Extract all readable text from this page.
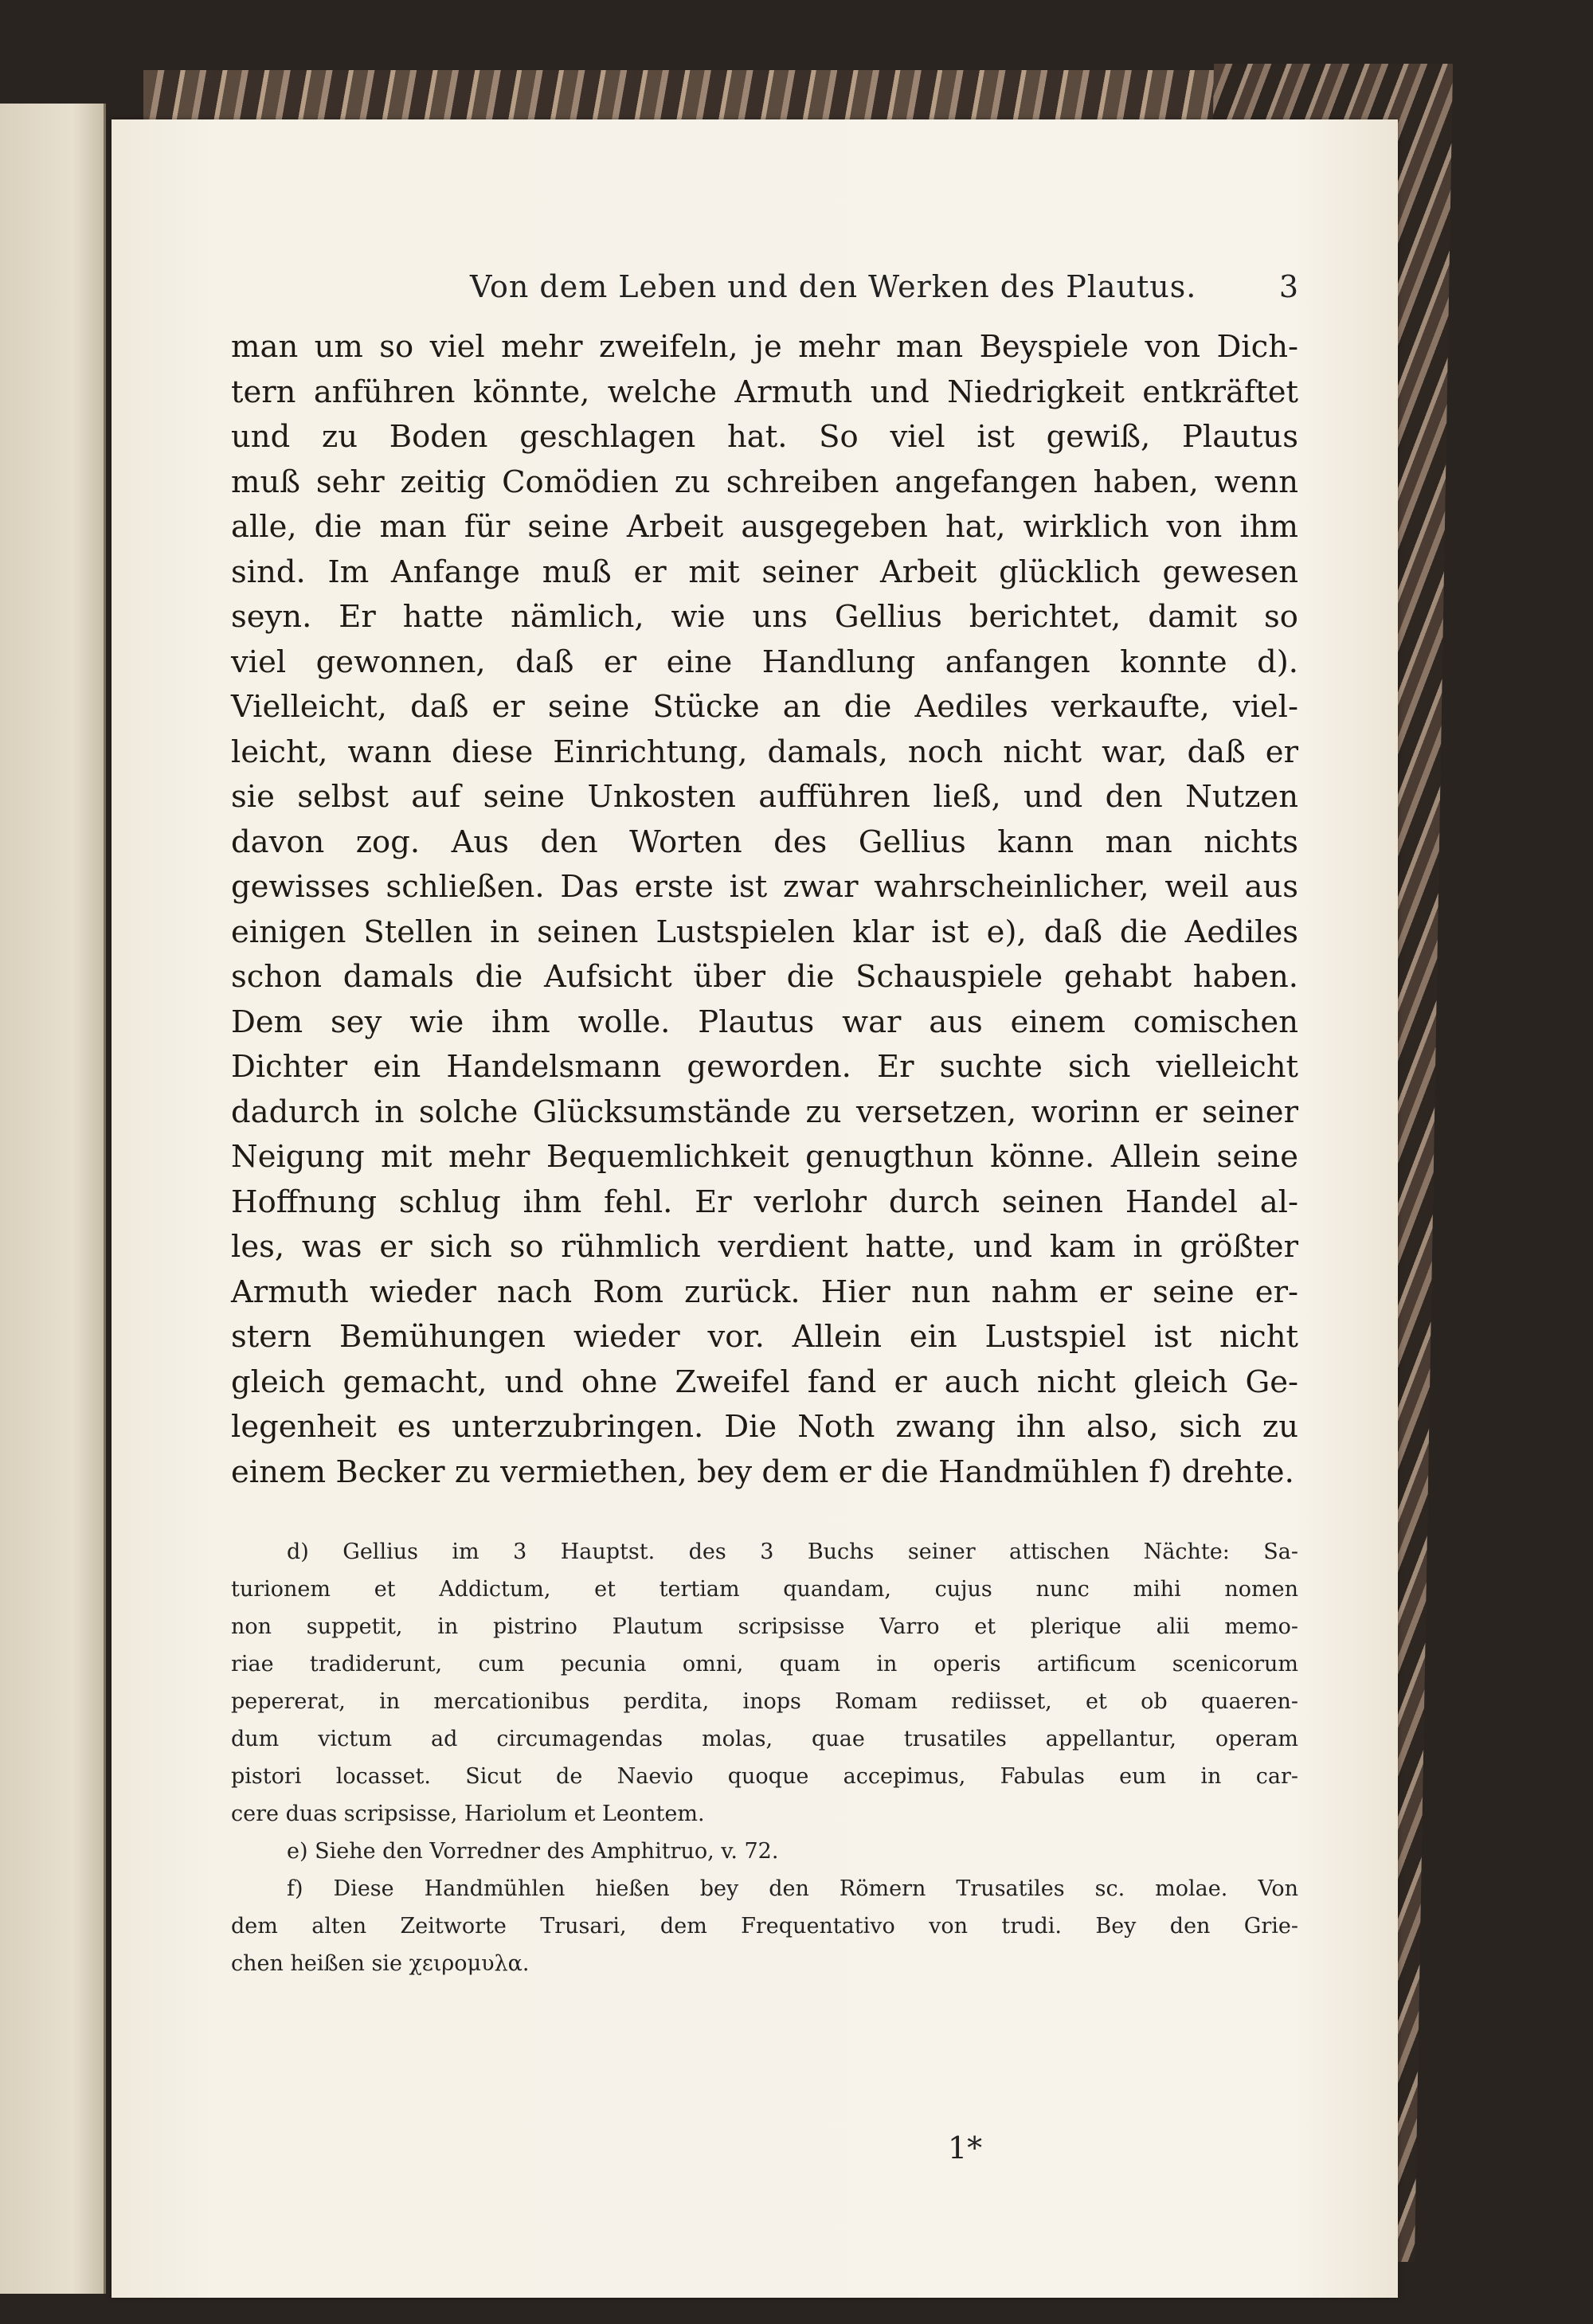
Von dem Leben und den Werken des Plautus.	3
man um so viel mehr zweifeln, je mehr man Beyspiele von Dich-
tern anführen könnte, welche Armuth und Niedrigkeit entkräftet
und zu Boden geschlagen hat. So viel ist gewiß, Plautus
muß sehr zeitig Comödien zu schreiben angefangen haben, wenn
alle, die man für seine Arbeit ausgegeben hat, wirklich von ihm
sind. Im Anfange muß er mit seiner Arbeit glücklich gewesen
seyn. Er hatte nämlich, wie uns Gellius berichtet, damit so
viel gewonnen, daß er eine Handlung anfangen konnte d).
Vielleicht, daß er seine Stücke an die Aediles verkaufte, viel-
leicht, wann diese Einrichtung, damals, noch nicht war, daß er
sie selbst auf seine Unkosten aufführen ließ, und den Nutzen
davon zog. Aus den Worten des Gellius kann man nichts
gewisses schließen. Das erste ist zwar wahrscheinlicher, weil aus
einigen Stellen in seinen Lustspielen klar ist e), daß die Aediles
schon damals die Aufsicht über die Schauspiele gehabt haben.
Dem sey wie ihm wolle. Plautus war aus einem comischen
Dichter ein Handelsmann geworden. Er suchte sich vielleicht
dadurch in solche Glücksumstände zu versetzen, worinn er seiner
Neigung mit mehr Bequemlichkeit genugthun könne. Allein seine
Hoffnung schlug ihm fehl. Er verlohr durch seinen Handel al-
les, was er sich so rühmlich verdient hatte, und kam in größter
Armuth wieder nach Rom zurück. Hier nun nahm er seine er-
stern Bemühungen wieder vor. Allein ein Lustspiel ist nicht
gleich gemacht, und ohne Zweifel fand er auch nicht gleich Ge-
legenheit es unterzubringen. Die Noth zwang ihn also, sich zu
einem Becker zu vermiethen, bey dem er die Handmühlen f) drehte.
d) Gellius im 3 Hauptst. des 3 Buchs seiner attischen Nächte: Sa-
turionem et Addictum, et tertiam quandam, cujus nunc mihi nomen
non suppetit, in pistrino Plautum scripsisse Varro et plerique alii memo-
riae tradiderunt, cum pecunia omni, quam in operis artificum scenicorum
pepererat, in mercationibus perdita, inops Romam rediisset, et ob quaeren-
dum victum ad circumagendas molas, quae trusatiles appellantur, operam
pistori locasset. Sicut de Naevio quoque accepimus, Fabulas eum in car-
cere duas scripsisse, Hariolum et Leontem.
e) Siehe den Vorredner des Amphitruo, v. 72.
f) Diese Handmühlen hießen bey den Römern Trusatiles sc. molae. Von
dem alten Zeitworte Trusari, dem Frequentativo von trudi. Bey den Grie-
chen heißen sie χειρομυλα.
1*
